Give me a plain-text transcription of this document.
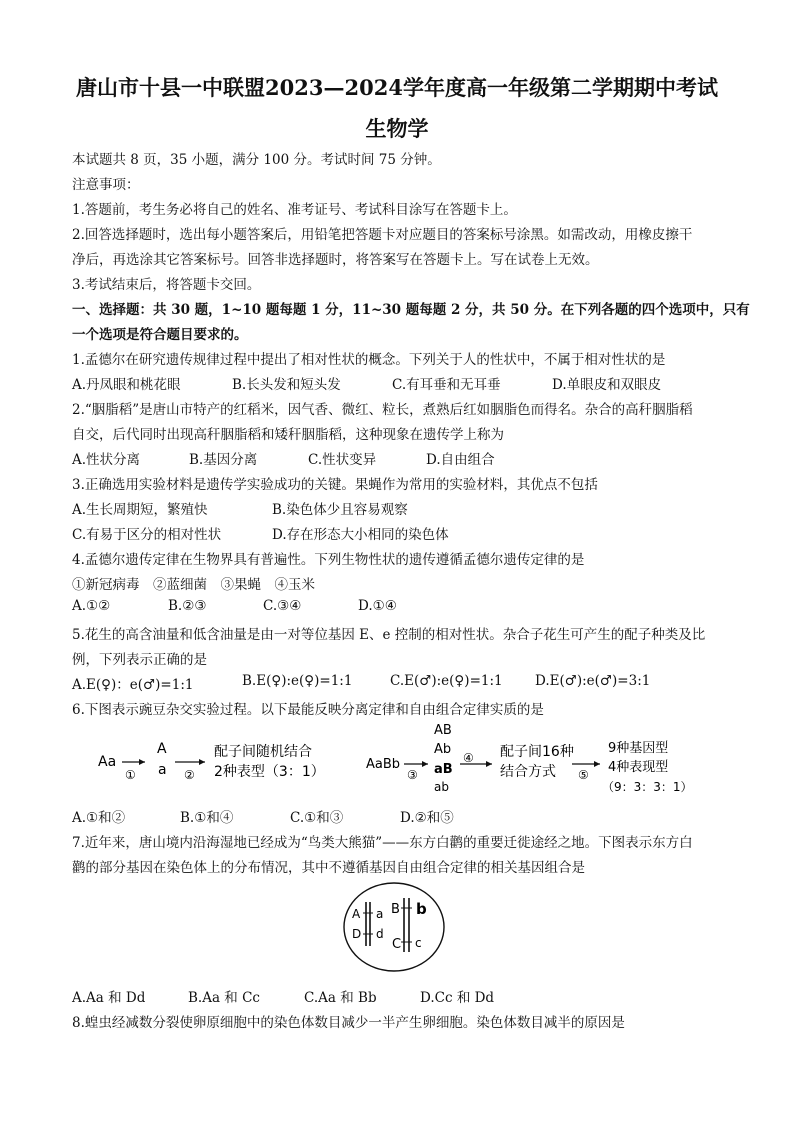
唐山市十县一中联盟2023—2024学年度高一年级第二学期期中考试
生物学
本试题共 8 页，35 小题，满分 100 分。考试时间 75 分钟。
注意事项：
1.答题前，考生务必将自己的姓名、准考证号、考试科目涂写在答题卡上。
2.回答选择题时，选出每小题答案后，用铅笔把答题卡对应题目的答案标号涂黑。如需改动，用橡皮擦干
净后，再选涂其它答案标号。回答非选择题时，将答案写在答题卡上。写在试卷上无效。
3.考试结束后，将答题卡交回。
一、选择题：共 30 题，1~10 题每题 1 分，11~30 题每题 2 分，共 50 分。在下列各题的四个选项中，只有
一个选项是符合题目要求的。
1.孟德尔在研究遗传规律过程中提出了相对性状的概念。下列关于人的性状中，不属于相对性状的是
A.丹凤眼和桃花眼	B.长头发和短头发	C.有耳垂和无耳垂	D.单眼皮和双眼皮
2.“胭脂稻”是唐山市特产的红稻米，因气香、微红、粒长，煮熟后红如胭脂色而得名。杂合的高秆胭脂稻
自交，后代同时出现高秆胭脂稻和矮秆胭脂稻，这种现象在遗传学上称为
A.性状分离	B.基因分离	C.性状变异	D.自由组合
3.正确选用实验材料是遗传学实验成功的关键。果蝇作为常用的实验材料，其优点不包括
A.生长周期短，繁殖快	B.染色体少且容易观察
C.有易于区分的相对性状	D.存在形态大小相同的染色体
4.孟德尔遗传定律在生物界具有普遍性。下列生物性状的遗传遵循孟德尔遗传定律的是
①新冠病毒　②蓝细菌　③果蝇　④玉米
A.①②	B.②③	C.③④	D.①④
5.花生的高含油量和低含油量是由一对等位基因 E、e 控制的相对性状。杂合子花生可产生的配子种类及比
例，下列表示正确的是
A.E(♀)：e(♂)=1:1	B.E(♀):e(♀)=1:1	C.E(♂):e(♀)=1:1 D.E(♂):e(♂)=3:1
6.下图表示豌豆杂交实验过程。以下最能反映分离定律和自由组合定律实质的是
Aa
①
A
a ②
配子间随机结合
2种表型（3：1）	AaBb
③
AB
Ab
aB
ab
④ 配子间16种
结合方式 ⑤
9种基因型
4种表现型
（9：3：3：1）
A.①和②	B.①和④	C.①和③	D.②和⑤
7.近年来，唐山境内沿海湿地已经成为“鸟类大熊猫”——东方白鹳的重要迁徙途经之地。下图表示东方白
鹳的部分基因在染色体上的分布情况，其中不遵循基因自由组合定律的相关基因组合是
A a
D d
B b
C c
A.Aa 和 Dd	B.Aa 和 Cc	C.Aa 和 Bb	D.Cc 和 Dd
8.蝗虫经减数分裂使卵原细胞中的染色体数目减少一半产生卵细胞。染色体数目减半的原因是
